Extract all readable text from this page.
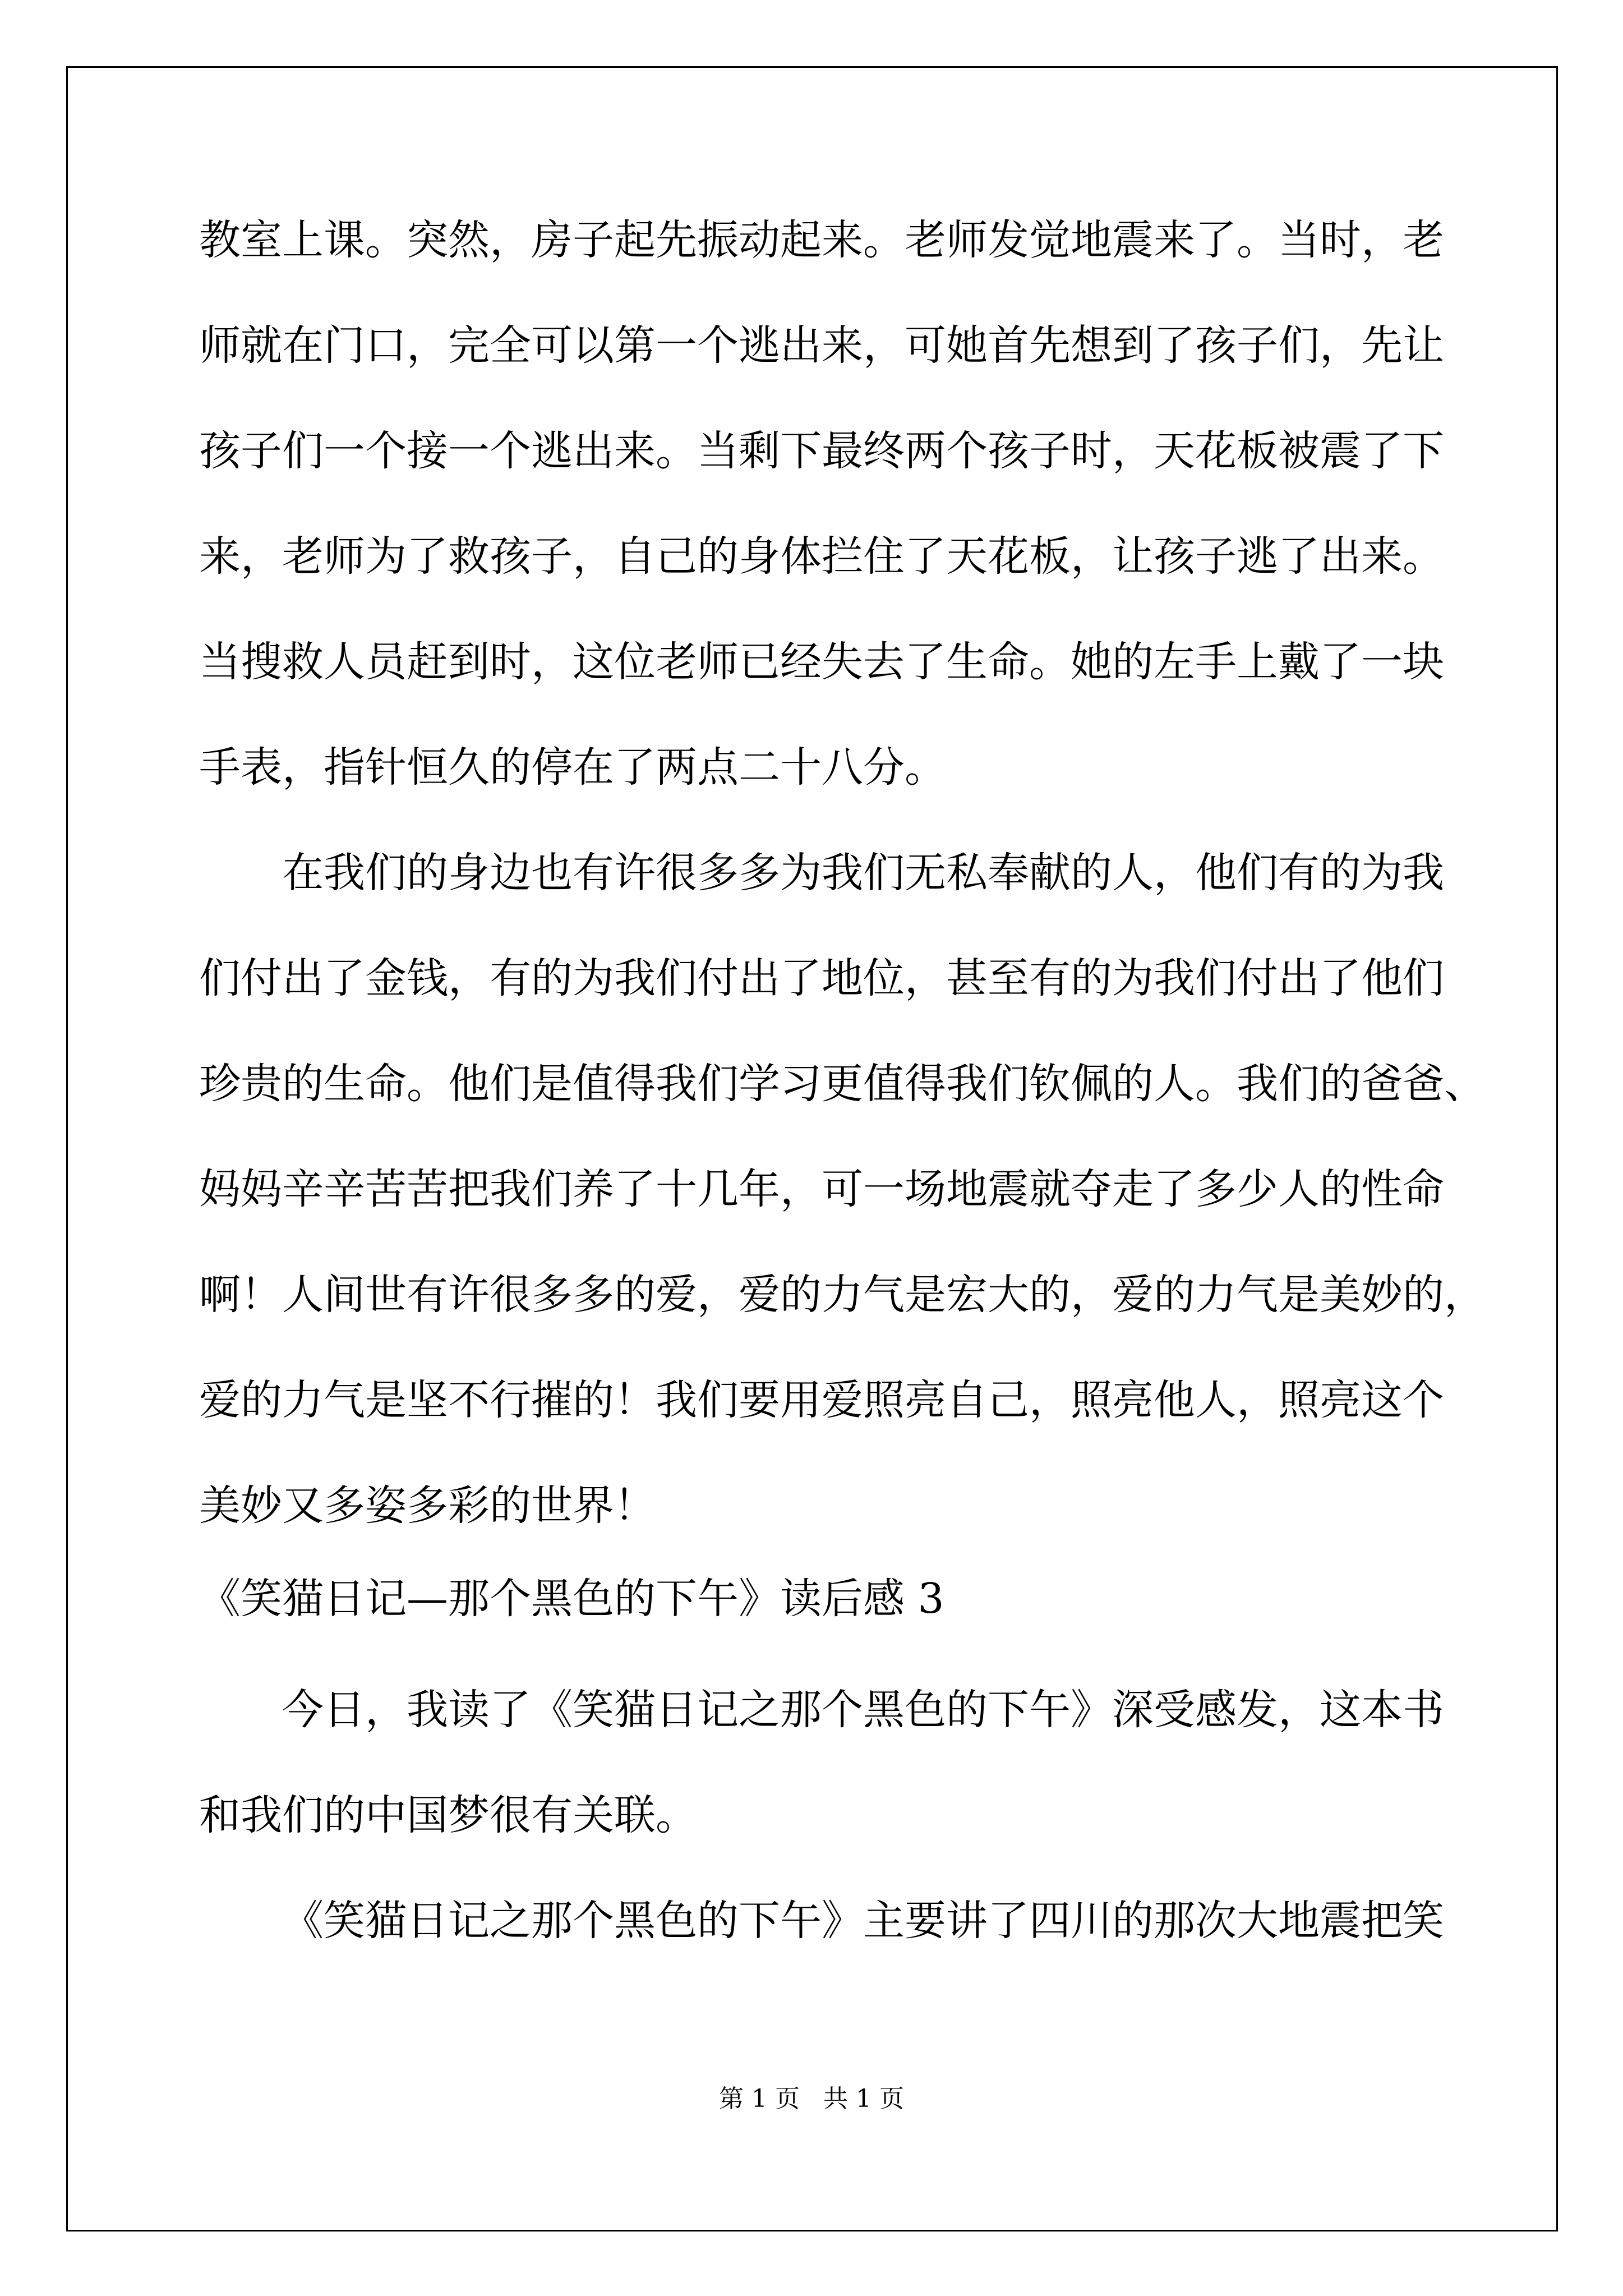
教室上课。突然，房子起先振动起来。老师发觉地震来了。当时，老
师就在门口，完全可以第一个逃出来，可她首先想到了孩子们，先让
孩子们一个接一个逃出来。当剩下最终两个孩子时，天花板被震了下
来，老师为了救孩子，自己的身体拦住了天花板，让孩子逃了出来。
当搜救人员赶到时，这位老师已经失去了生命。她的左手上戴了一块
手表，指针恒久的停在了两点二十八分。
在我们的身边也有许很多多为我们无私奉献的人，他们有的为我
们付出了金钱，有的为我们付出了地位，甚至有的为我们付出了他们
珍贵的生命。他们是值得我们学习更值得我们钦佩的人。我们的爸爸、
妈妈辛辛苦苦把我们养了十几年，可一场地震就夺走了多少人的性命
啊！人间世有许很多多的爱，爱的力气是宏大的，爱的力气是美妙的，
爱的力气是坚不行摧的！我们要用爱照亮自己，照亮他人，照亮这个
美妙又多姿多彩的世界！
《笑猫日记—那个黑色的下午》读后感 3
今日，我读了《笑猫日记之那个黑色的下午》深受感发，这本书
和我们的中国梦很有关联。
《笑猫日记之那个黑色的下午》主要讲了四川的那次大地震把笑
第 1 页   共 1 页
